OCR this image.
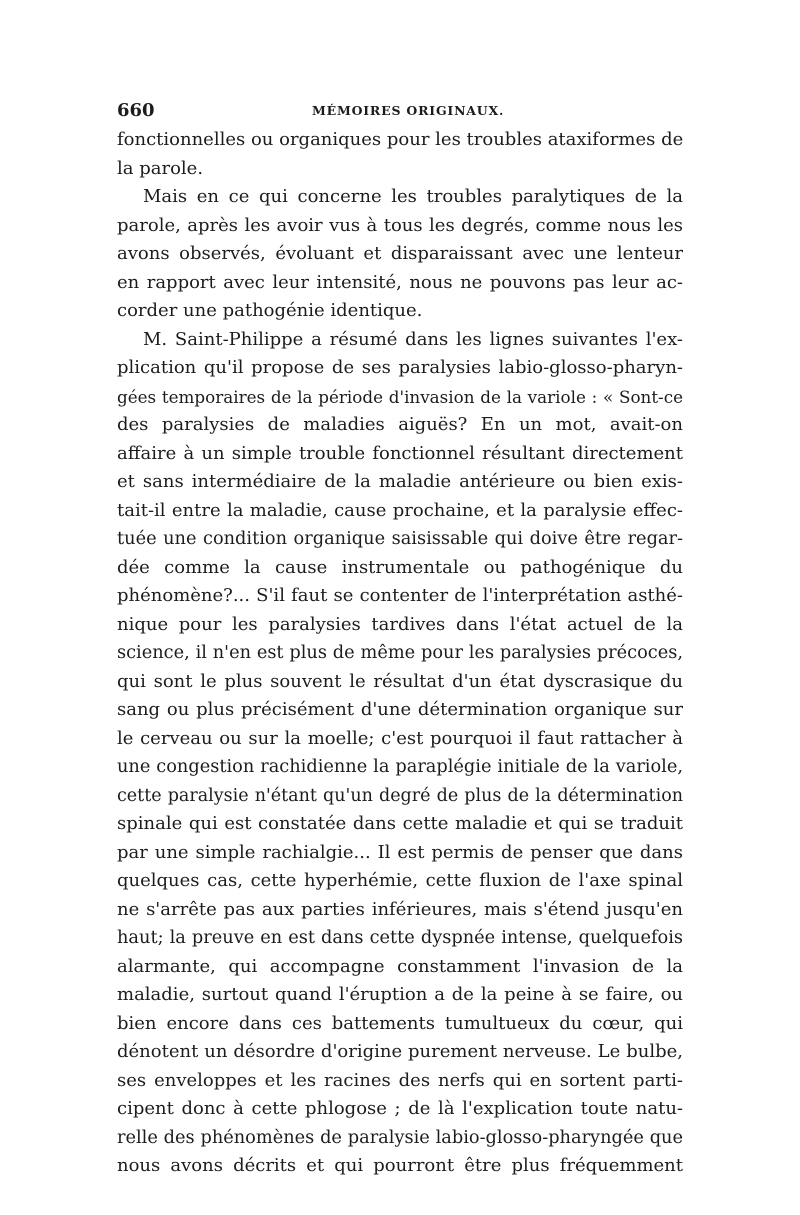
660	MÉMOIRES ORIGINAUX.
fonctionnelles ou organiques pour les troubles ataxiformes de
la parole.
Mais en ce qui concerne les troubles paralytiques de la
parole, après les avoir vus à tous les degrés, comme nous les
avons observés, évoluant et disparaissant avec une lenteur
en rapport avec leur intensité, nous ne pouvons pas leur ac-
corder une pathogénie identique.
M. Saint-Philippe a résumé dans les lignes suivantes l'ex-
plication qu'il propose de ses paralysies labio-glosso-pharyn-
gées temporaires de la période d'invasion de la variole : « Sont-ce
des paralysies de maladies aiguës? En un mot, avait-on
affaire à un simple trouble fonctionnel résultant directement
et sans intermédiaire de la maladie antérieure ou bien exis-
tait-il entre la maladie, cause prochaine, et la paralysie effec-
tuée une condition organique saisissable qui doive être regar-
dée comme la cause instrumentale ou pathogénique du
phénomène?... S'il faut se contenter de l'interprétation asthé-
nique pour les paralysies tardives dans l'état actuel de la
science, il n'en est plus de même pour les paralysies précoces,
qui sont le plus souvent le résultat d'un état dyscrasique du
sang ou plus précisément d'une détermination organique sur
le cerveau ou sur la moelle; c'est pourquoi il faut rattacher à
une congestion rachidienne la paraplégie initiale de la variole,
cette paralysie n'étant qu'un degré de plus de la détermination
spinale qui est constatée dans cette maladie et qui se traduit
par une simple rachialgie... Il est permis de penser que dans
quelques cas, cette hyperhémie, cette fluxion de l'axe spinal
ne s'arrête pas aux parties inférieures, mais s'étend jusqu'en
haut; la preuve en est dans cette dyspnée intense, quelquefois
alarmante, qui accompagne constamment l'invasion de la
maladie, surtout quand l'éruption a de la peine à se faire, ou
bien encore dans ces battements tumultueux du cœur, qui
dénotent un désordre d'origine purement nerveuse. Le bulbe,
ses enveloppes et les racines des nerfs qui en sortent parti-
cipent donc à cette phlogose ; de là l'explication toute natu-
relle des phénomènes de paralysie labio-glosso-pharyngée que
nous avons décrits et qui pourront être plus fréquemment
